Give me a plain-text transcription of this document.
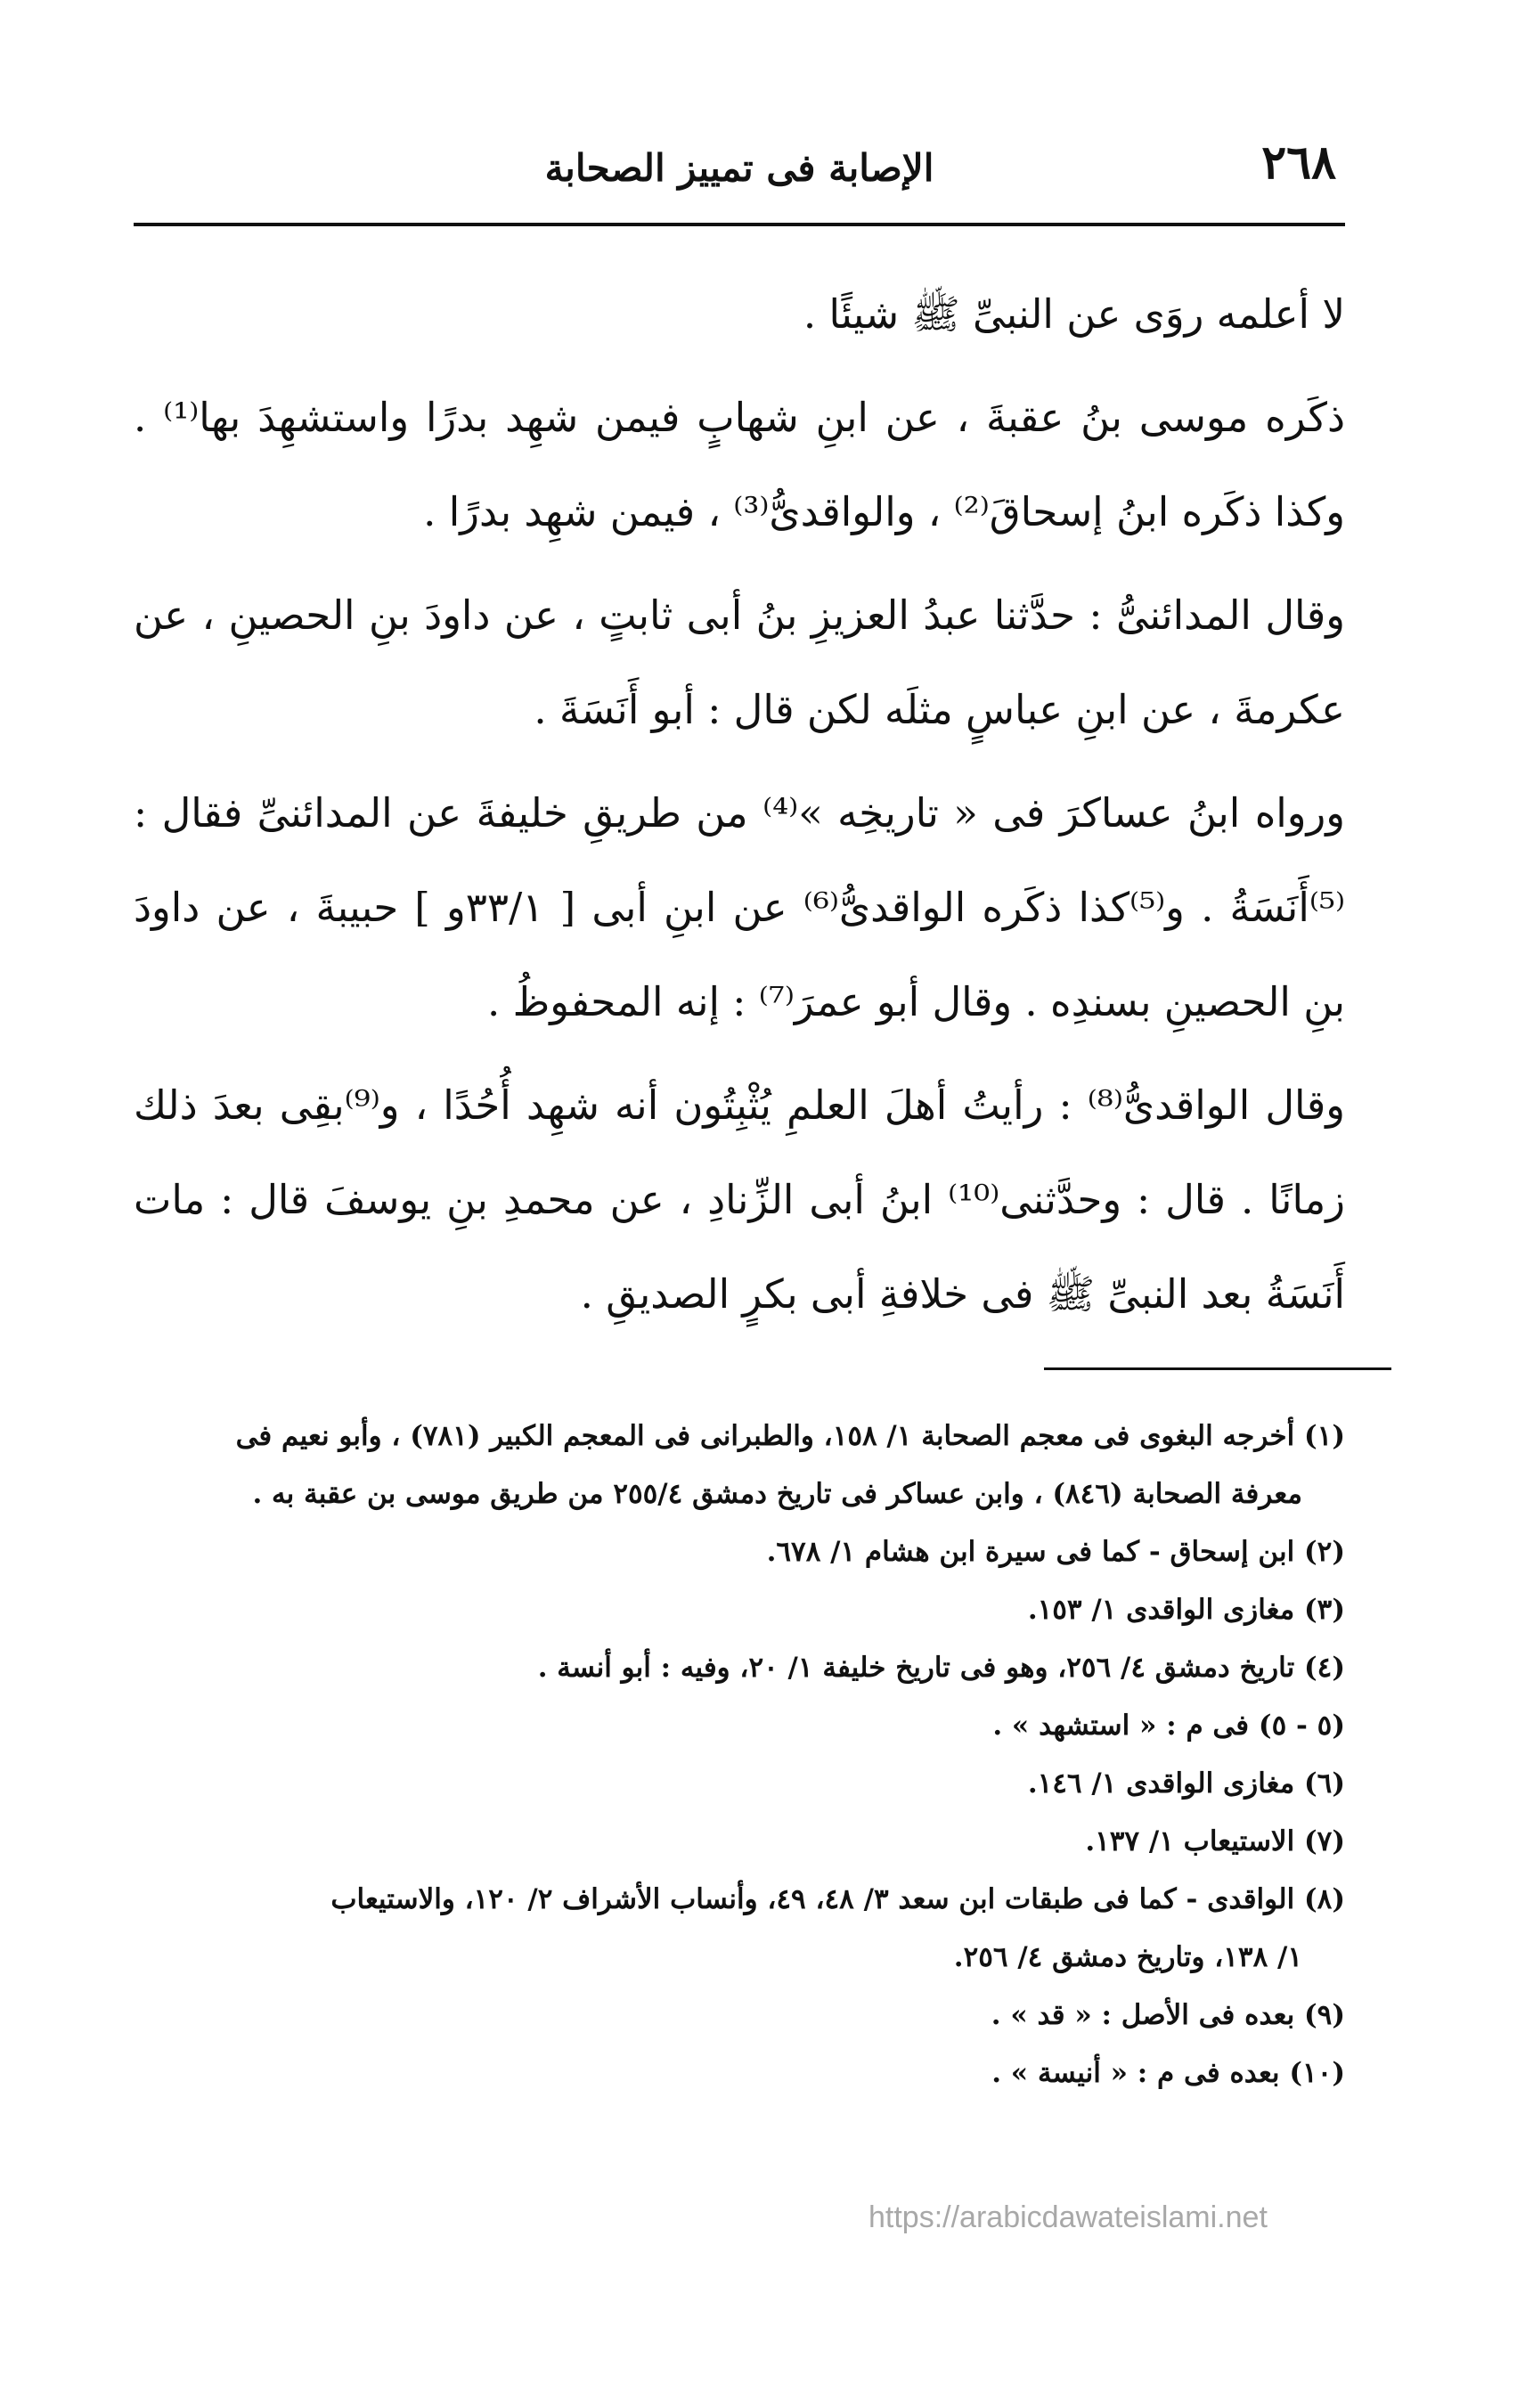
٢٦٨
الإصابة فى تمييز الصحابة

لا أعلمه روَى عن النبىِّ ﷺ شيئًا .

ذكَره موسى بنُ عقبةَ ، عن ابنِ شهابٍ فيمن شهِد بدرًا واستشهِدَ بها⁽¹⁾ . وكذا ذكَره ابنُ إسحاقَ⁽²⁾ ، والواقدىُّ⁽³⁾ ، فيمن شهِد بدرًا .

وقال المدائنىُّ : حدَّثنا عبدُ العزيزِ بنُ أبى ثابتٍ ، عن داودَ بنِ الحصينِ ، عن عكرمةَ ، عن ابنِ عباسٍ مثلَه لكن قال : أبو أَنَسَةَ .

ورواه ابنُ عساكرَ فى « تاريخِه »⁽⁴⁾ من طريقِ خليفةَ عن المدائنىِّ فقال : ⁽⁵⁾أَنَسَةُ . و⁽⁵⁾كذا ذكَره الواقدىُّ⁽⁶⁾ عن ابنِ أبى [ ٣٣/١و ] حبيبةَ ، عن داودَ بنِ الحصينِ بسندِه . وقال أبو عمرَ⁽⁷⁾ : إنه المحفوظُ .

وقال الواقدىُّ⁽⁸⁾ : رأيتُ أهلَ العلمِ يُثْبِتُون أنه شهِد أُحُدًا ، و⁽⁹⁾بقِى بعدَ ذلك زمانًا . قال : وحدَّثنى⁽¹⁰⁾ ابنُ أبى الزِّنادِ ، عن محمدِ بنِ يوسفَ قال : مات أَنَسَةُ بعد النبىِّ ﷺ فى خلافةِ أبى بكرٍ الصديقِ .

(١) أخرجه البغوى فى معجم الصحابة ١/ ١٥٨، والطبرانى فى المعجم الكبير (٧٨١) ، وأبو نعيم فى

معرفة الصحابة (٨٤٦) ، وابن عساكر فى تاريخ دمشق ٢٥٥/٤ من طريق موسى بن عقبة به .

(٢) ابن إسحاق - كما فى سيرة ابن هشام ١/ ٦٧٨.

(٣) مغازى الواقدى ١/ ١٥٣.

(٤) تاريخ دمشق ٤/ ٢٥٦، وهو فى تاريخ خليفة ١/ ٢٠، وفيه : أبو أنسة .

(٥ - ٥) فى م : « استشهد » .

(٦) مغازى الواقدى ١/ ١٤٦.

(٧) الاستيعاب ١/ ١٣٧.

(٨) الواقدى - كما فى طبقات ابن سعد ٣/ ٤٨، ٤٩، وأنساب الأشراف ٢/ ١٢٠، والاستيعاب

١/ ١٣٨، وتاريخ دمشق ٤/ ٢٥٦.

(٩) بعده فى الأصل : « قد » .

(١٠) بعده فى م : « أنيسة » .

https://arabicdawateislami.net
